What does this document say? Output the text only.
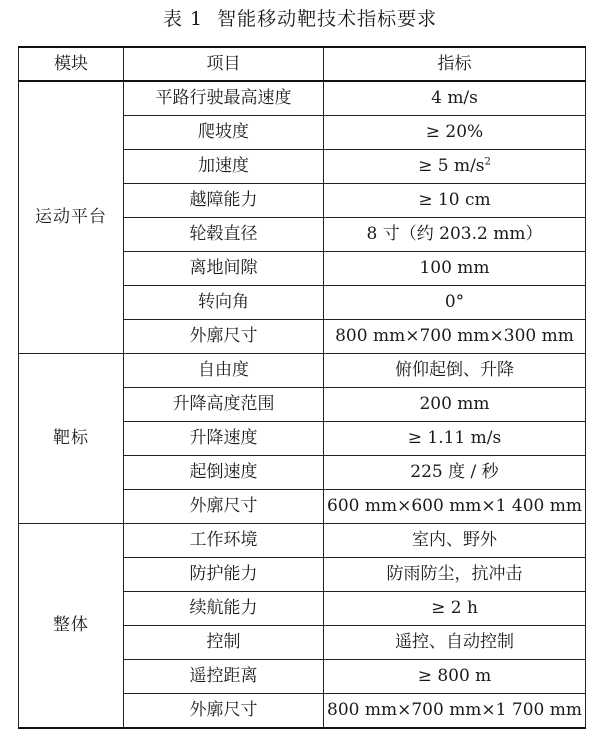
表 1 智能移动靶技术指标要求
模块	项目	指标
运动平台	平路行驶最高速度	4 m/s
	爬坡度	≥ 20%
	加速度	≥ 5 $m/s^2$
	越障能力	≥ 10 cm
	轮毂直径	8 寸（约 203.2 mm）
	离地间隙	100 mm
	转向角	0°
	外廓尺寸	800 mm×700 mm×300 mm
靶标	自由度	俯仰起倒、升降
	升降高度范围	200 mm
	升降速度	≥ 1.11 m/s
	起倒速度	225 度 / 秒
	外廓尺寸	600 mm×600 mm×1 400 mm
整体	工作环境	室内、野外
	防护能力	防雨防尘，抗冲击
	续航能力	≥ 2 h
	控制	遥控、自动控制
	遥控距离	≥ 800 m
	外廓尺寸	800 mm×700 mm×1 700 mm
